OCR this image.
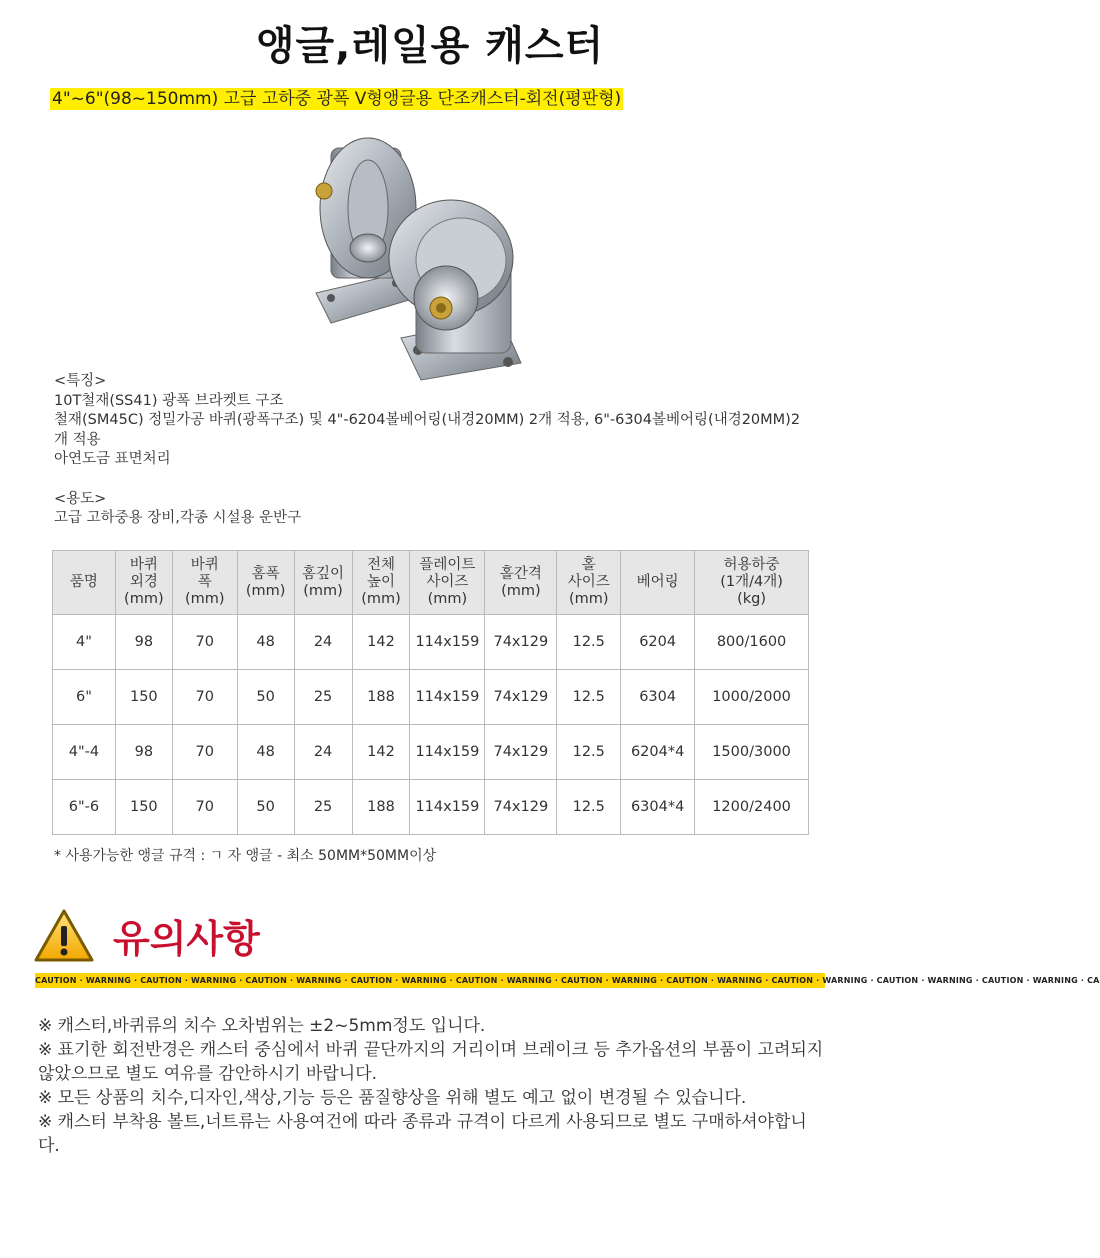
앵글,레일용 캐스터
4"~6"(98~150mm) 고급 고하중 광폭 V형앵글용 단조캐스터-회전(평판형)

<특징>

10T철재(SS41) 광폭 브라켓트 구조

철재(SM45C) 정밀가공 바퀴(광폭구조) 및 4"-6204볼베어링(내경20MM) 2개 적용, 6"-6304볼베어링(내경20MM)2개 적용

아연도금 표면처리

<용도>

고급 고하중용 장비,각종 시설용 운반구

품명	바퀴
외경
(mm)	바퀴
폭
(mm)	홈폭
(mm)	홈깊이
(mm)	전체
높이
(mm)	플레이트
사이즈
(mm)	홀간격
(mm)	홀
사이즈
(mm)	베어링	허용하중
(1개/4개)
(kg)
4"	98	70	48	24	142	114x159	74x129	12.5	6204	800/1600
6"	150	70	50	25	188	114x159	74x129	12.5	6304	1000/2000
4"-4	98	70	48	24	142	114x159	74x129	12.5	6204*4	1500/3000
6"-6	150	70	50	25	188	114x159	74x129	12.5	6304*4	1200/2400
* 사용가능한 앵글 규격 : ㄱ 자 앵글 - 최소 50MM*50MM이상
유의사항
CAUTION · WARNING · CAUTION · WARNING · CAUTION · WARNING · CAUTION · WARNING · CAUTION · WARNING · CAUTION · WARNING · CAUTION · WARNING · CAUTION · WARNING · CAUTION · WARNING · CAUTION · WARNING · CA

※ 캐스터,바퀴류의 치수 오차범위는 ±2~5mm정도 입니다.

※ 표기한 회전반경은 캐스터 중심에서 바퀴 끝단까지의 거리이며 브레이크 등 추가옵션의 부품이 고려되지 않았으므로 별도 여유를 감안하시기 바랍니다.

※ 모든 상품의 치수,디자인,색상,기능 등은 품질향상을 위해 별도 예고 없이 변경될 수 있습니다.

※ 캐스터 부착용 볼트,너트류는 사용여건에 따라 종류과 규격이 다르게 사용되므로 별도 구매하셔야합니다.
